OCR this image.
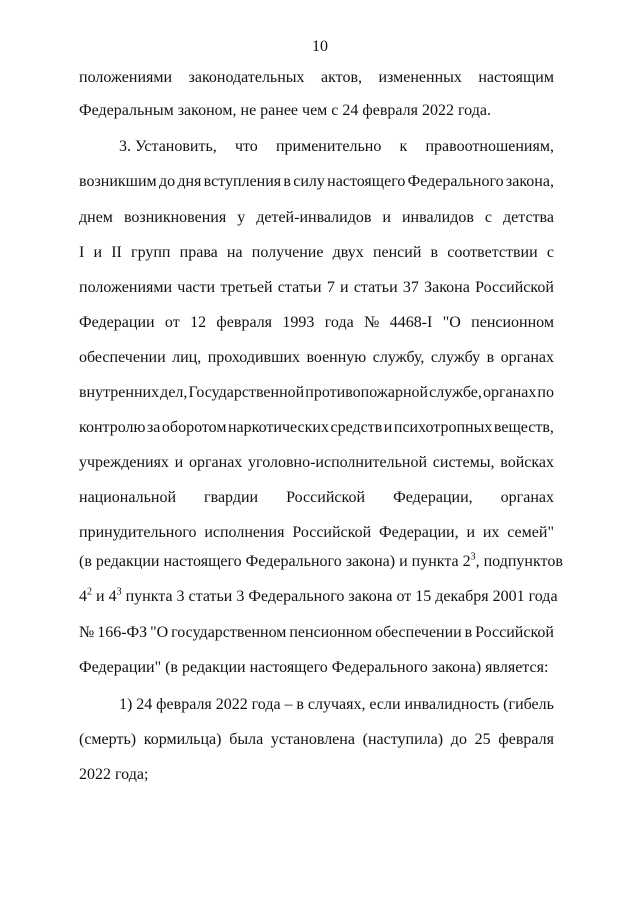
10
положениями законодательных актов, измененных настоящим
Федеральным законом, не ранее чем с 24 февраля 2022 года.
3. Установить, что применительно к правоотношениям,
возникшим до дня вступления в силу настоящего Федерального закона,
днем возникновения у детей-инвалидов и инвалидов с детства
I и II групп права на получение двух пенсий в соответствии с
положениями части третьей статьи 7 и статьи 37 Закона Российской
Федерации от 12 февраля 1993 года № 4468-I "О пенсионном
обеспечении лиц, проходивших военную службу, службу в органах
внутренних дел, Государственной противопожарной службе, органах по
контролю за оборотом наркотических средств и психотропных веществ,
учреждениях и органах уголовно-исполнительной системы, войсках
национальной гвардии Российской Федерации, органах
принудительного исполнения Российской Федерации, и их семей"
(в редакции настоящего Федерального закона) и пункта $2^3$ , подпунктов
$4^2$ и $4^3$ пункта 3 статьи 3 Федерального закона от 15 декабря 2001 года
№ 166-ФЗ "О государственном пенсионном обеспечении в Российской
Федерации" (в редакции настоящего Федерального закона) является:
1) 24 февраля 2022 года – в случаях, если инвалидность (гибель
(смерть) кормильца) была установлена (наступила) до 25 февраля
2022 года;
